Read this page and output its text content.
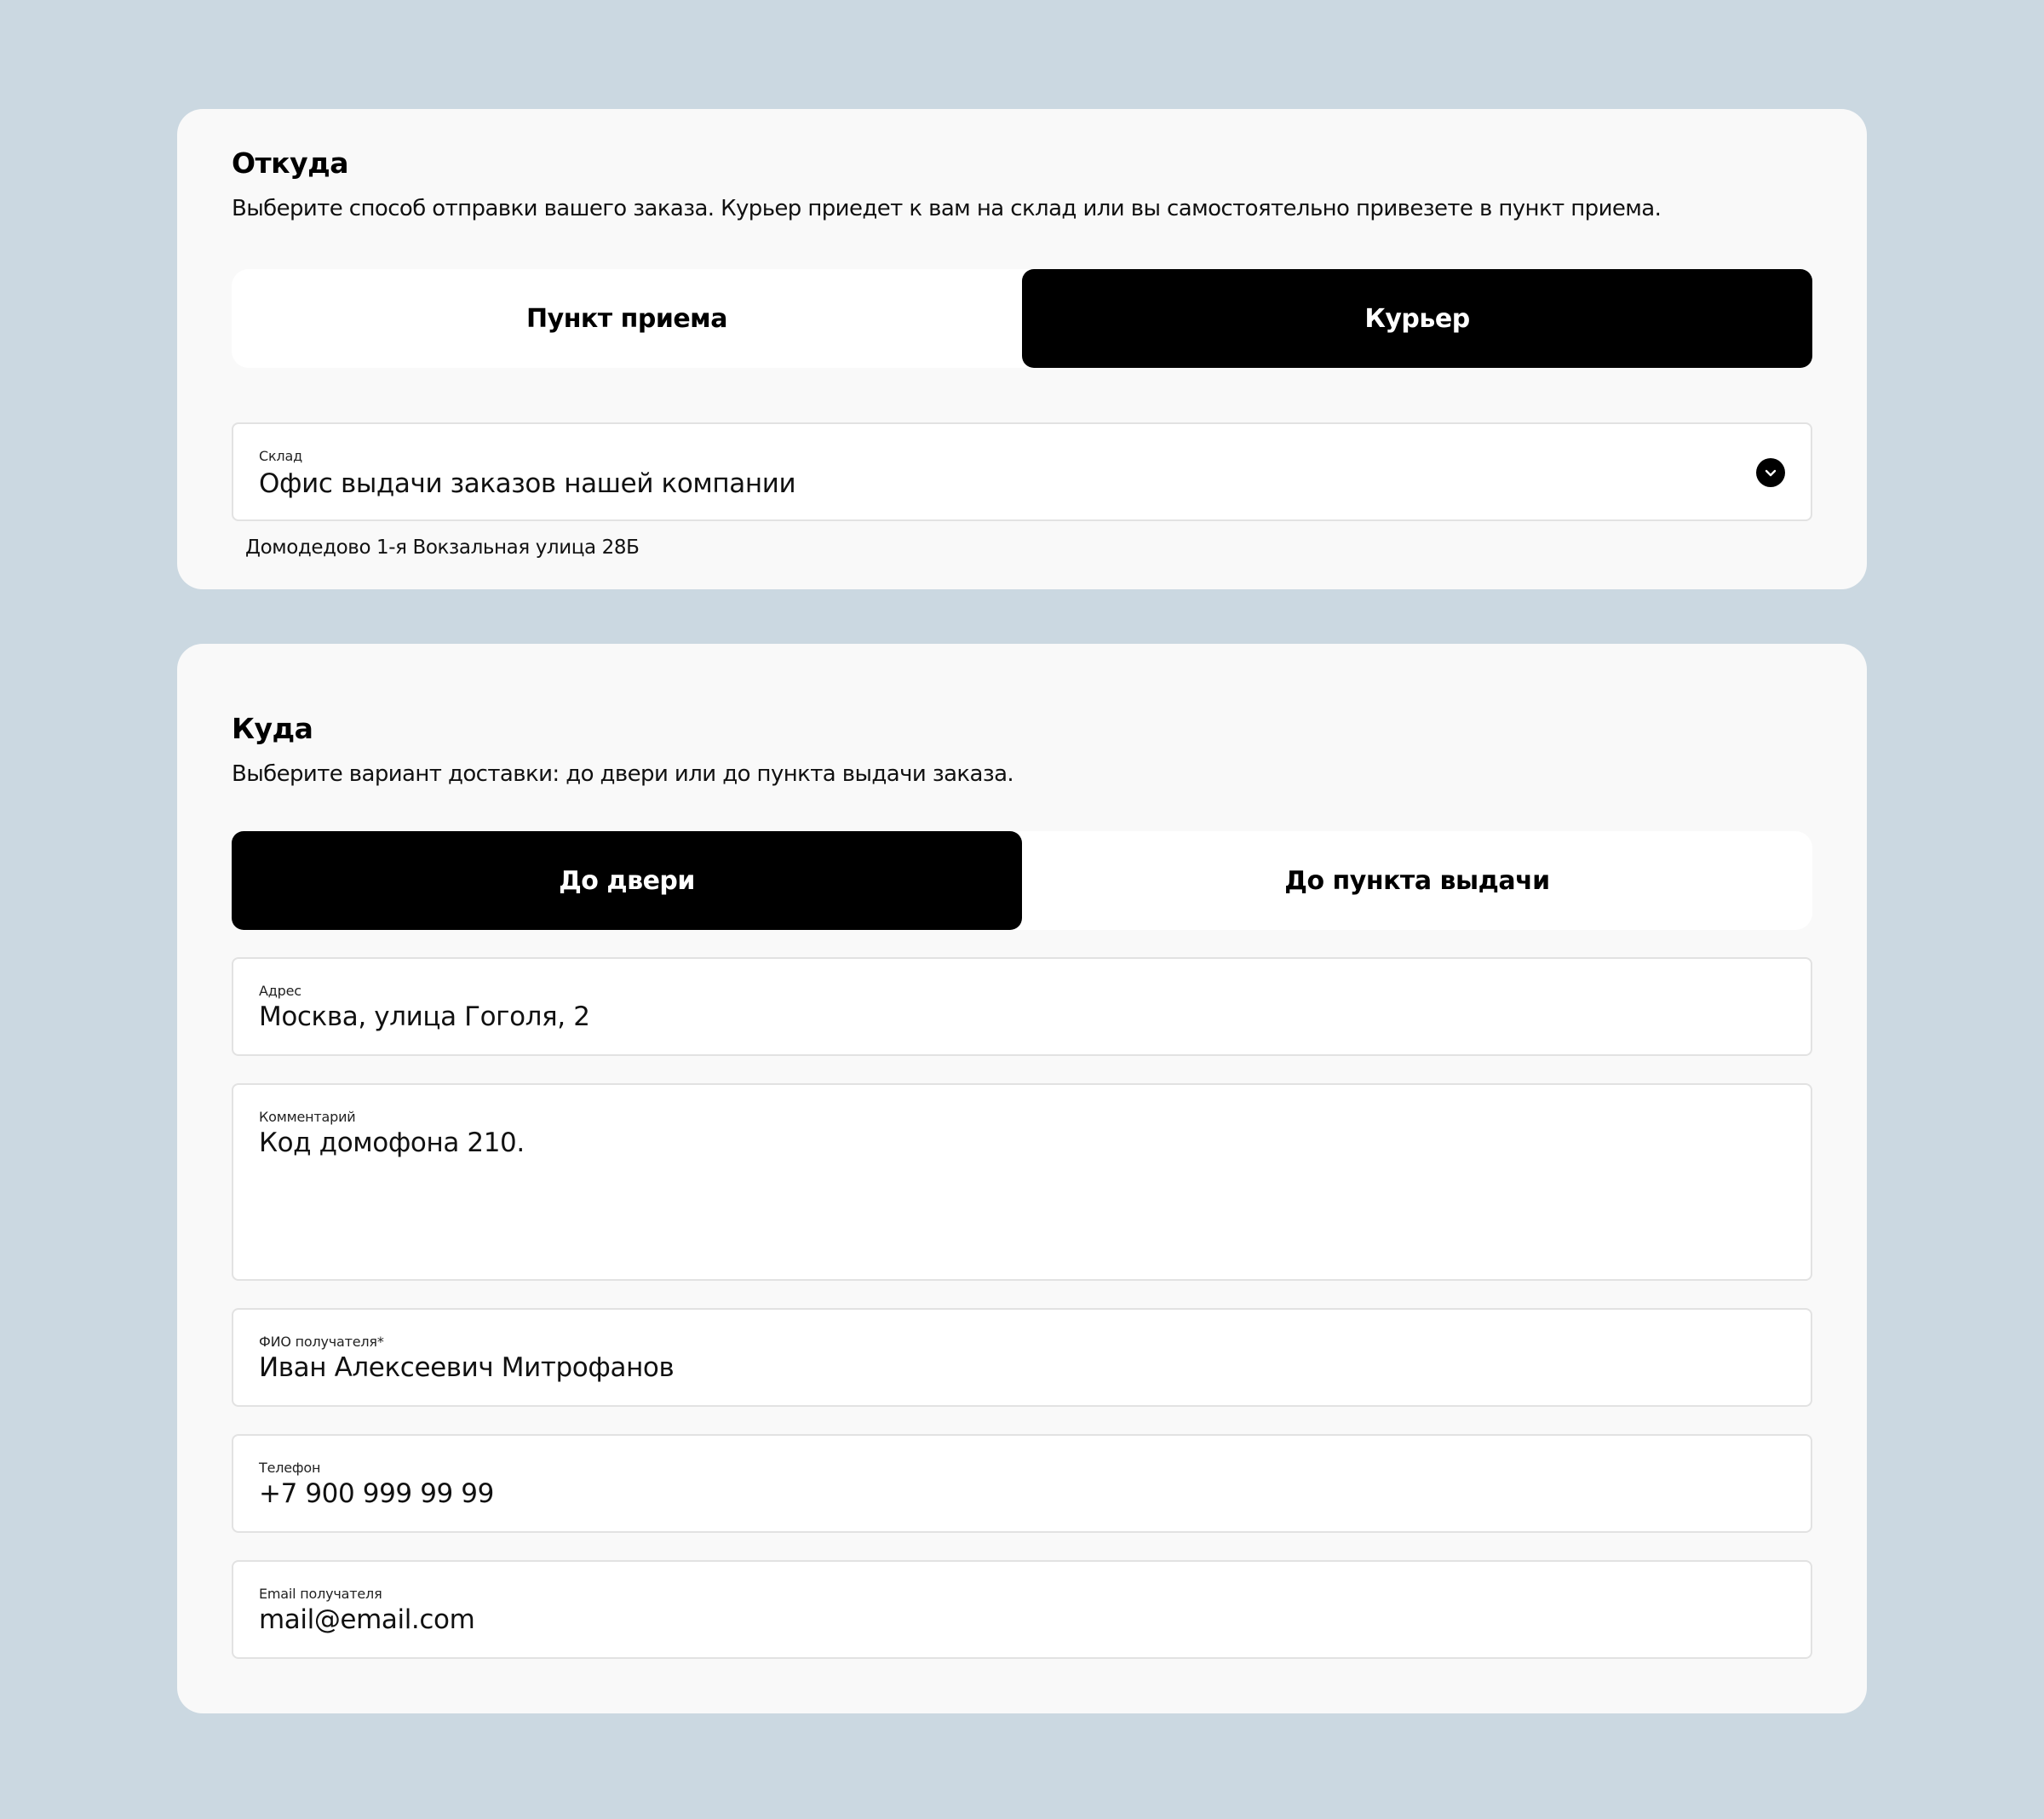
Откуда

Выберите способ отправки вашего заказа. Курьер приедет к вам на склад или вы самостоятельно привезете в пункт приема.

Пункт приема	Курьер
Склад
Офис выдачи заказов нашей компании

Домодедово 1-я Вокзальная улица 28Б

Куда

Выберите вариант доставки: до двери или до пункта выдачи заказа.

До двери	До пункта выдачи
Адрес
Москва, улица Гоголя, 2
Комментарий
Код домофона 210.
ФИО получателя*
Иван Алексеевич Митрофанов
Телефон
+7 900 999 99 99
Email получателя
mail@email.com
